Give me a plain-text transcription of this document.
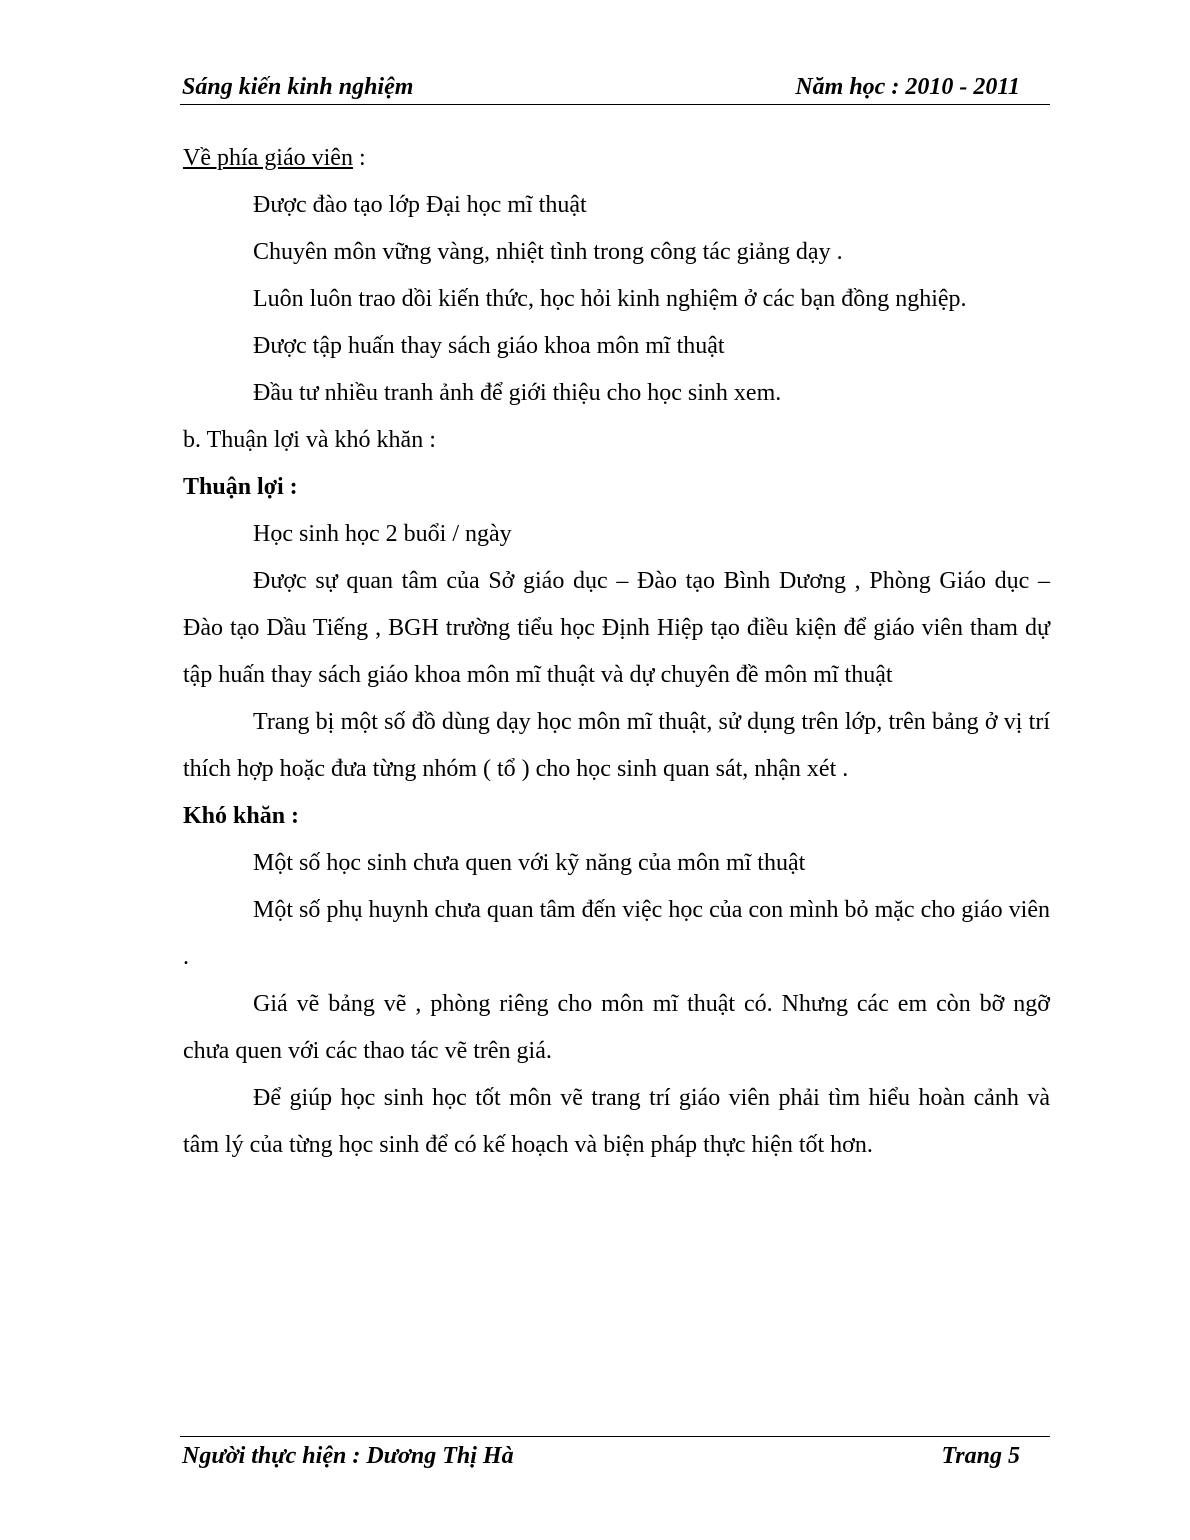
Sáng kiến kinh nghiệm	Năm học : 2010 - 2011

Về phía giáo viên :

Được đào tạo lớp Đại học mĩ thuật

Chuyên môn vững vàng, nhiệt tình trong công tác giảng dạy .

Luôn luôn trao dồi kiến thức, học hỏi kinh nghiệm ở các bạn đồng nghiệp.

Được tập huấn thay sách giáo khoa môn mĩ thuật

Đầu tư nhiều tranh ảnh để giới thiệu cho học sinh xem.

b. Thuận lợi và khó khăn :

Thuận lợi :

Học sinh học 2 buổi / ngày

Được sự quan tâm của Sở giáo dục – Đào tạo Bình Dương , Phòng Giáo dục – Đào tạo Dầu Tiếng , BGH trường tiểu học Định Hiệp tạo điều kiện để giáo viên tham dự tập huấn thay sách giáo khoa môn mĩ thuật và dự chuyên đề môn mĩ thuật

Trang bị một số đồ dùng dạy học môn mĩ thuật, sử dụng trên lớp, trên bảng ở vị trí thích hợp hoặc đưa từng nhóm ( tổ ) cho học sinh quan sát, nhận xét .

Khó khăn :

Một số học sinh chưa quen với kỹ năng của môn mĩ thuật

Một số phụ huynh chưa quan tâm đến việc học của con mình bỏ mặc cho giáo viên .

Giá vẽ bảng vẽ , phòng riêng cho môn mĩ thuật có. Nhưng các em còn bỡ ngỡ chưa quen với các thao tác vẽ trên giá.

Để giúp học sinh học tốt môn vẽ trang trí giáo viên phải tìm hiểu hoàn cảnh và tâm lý của từng học sinh để có kế hoạch và biện pháp thực hiện tốt hơn.

Người thực hiện : Dương Thị Hà	Trang 5
